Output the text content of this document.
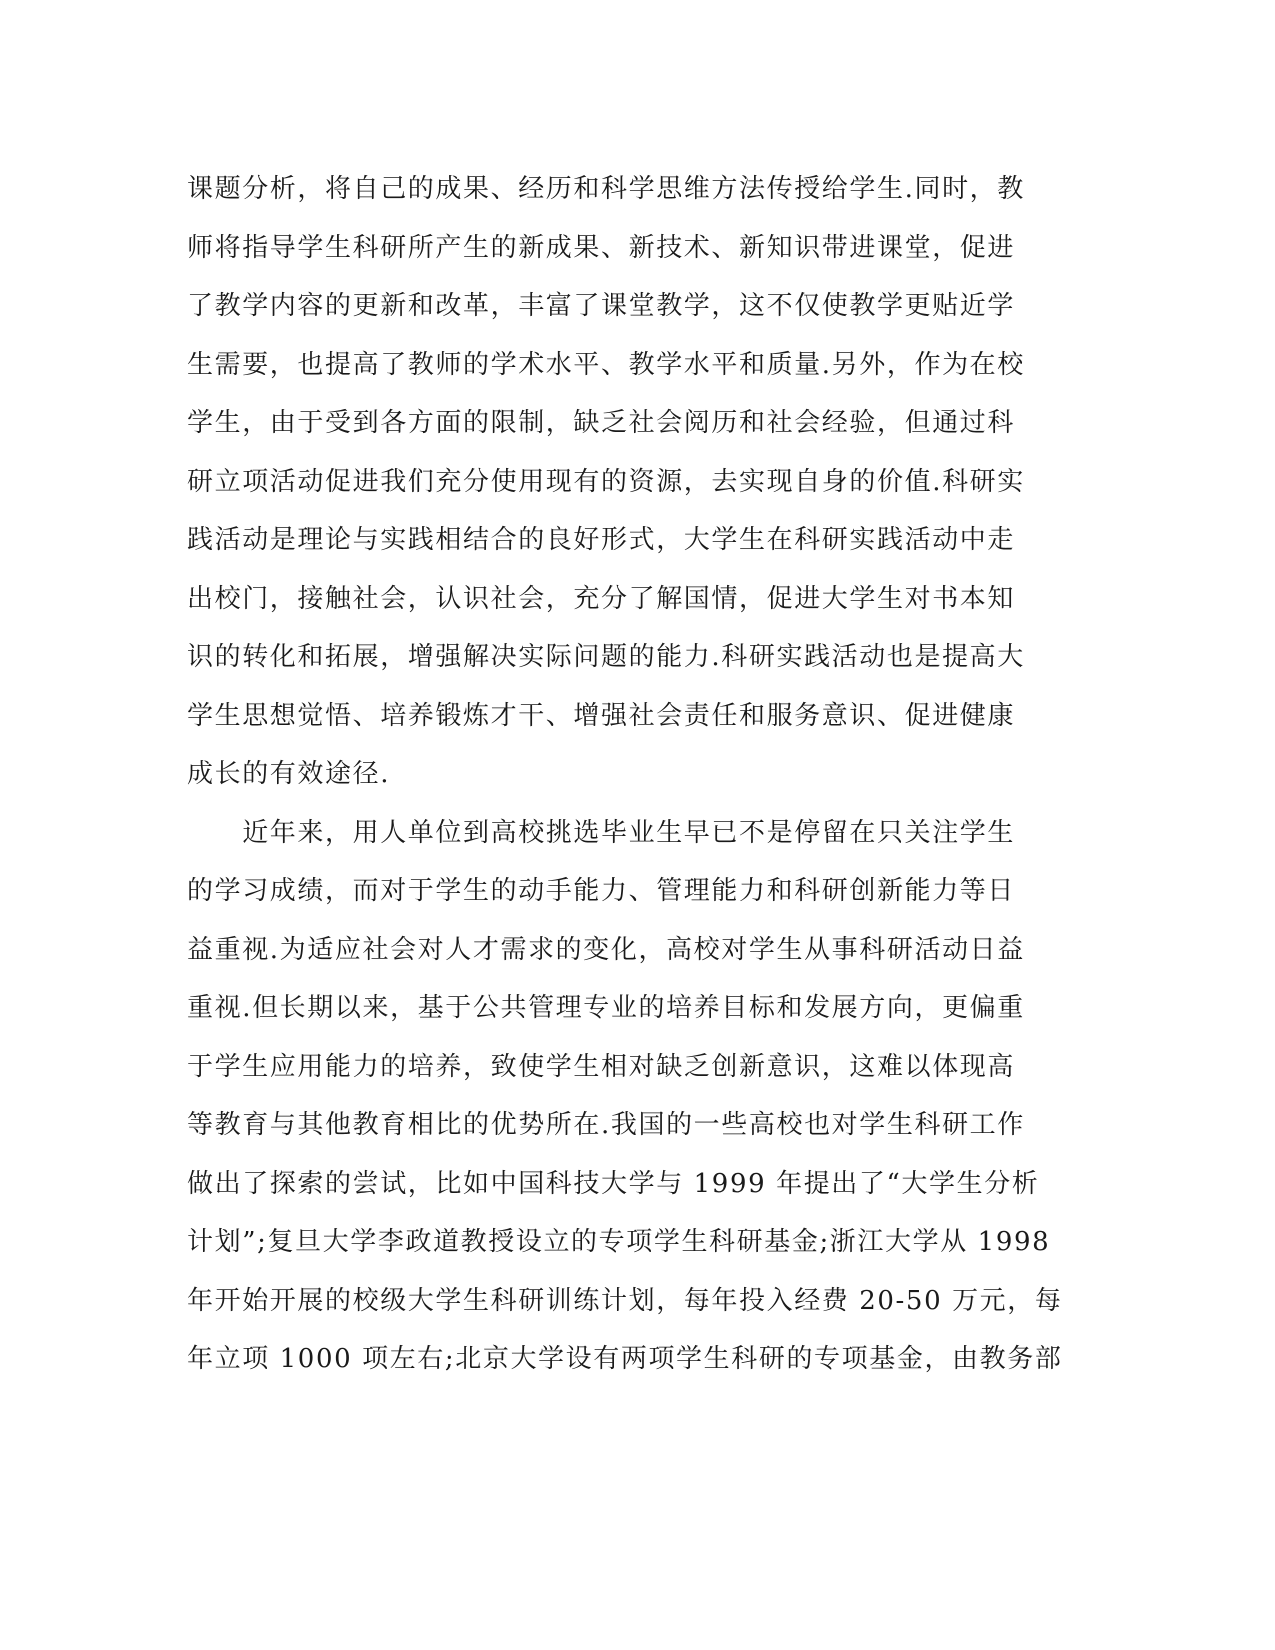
课题分析，将自己的成果、经历和科学思维方法传授给学生.同时，教
师将指导学生科研所产生的新成果、新技术、新知识带进课堂，促进
了教学内容的更新和改革，丰富了课堂教学，这不仅使教学更贴近学
生需要，也提高了教师的学术水平、教学水平和质量.另外，作为在校
学生，由于受到各方面的限制，缺乏社会阅历和社会经验，但通过科
研立项活动促进我们充分使用现有的资源，去实现自身的价值.科研实
践活动是理论与实践相结合的良好形式，大学生在科研实践活动中走
出校门，接触社会，认识社会，充分了解国情，促进大学生对书本知
识的转化和拓展，增强解决实际问题的能力.科研实践活动也是提高大
学生思想觉悟、培养锻炼才干、增强社会责任和服务意识、促进健康
成长的有效途径.
　　近年来，用人单位到高校挑选毕业生早已不是停留在只关注学生
的学习成绩，而对于学生的动手能力、管理能力和科研创新能力等日
益重视.为适应社会对人才需求的变化，高校对学生从事科研活动日益
重视.但长期以来，基于公共管理专业的培养目标和发展方向，更偏重
于学生应用能力的培养，致使学生相对缺乏创新意识，这难以体现高
等教育与其他教育相比的优势所在.我国的一些高校也对学生科研工作
做出了探索的尝试，比如中国科技大学与 1999 年提出了“大学生分析
计划”;复旦大学李政道教授设立的专项学生科研基金;浙江大学从 1998
年开始开展的校级大学生科研训练计划，每年投入经费 20-50 万元，每
年立项 1000 项左右;北京大学设有两项学生科研的专项基金，由教务部
